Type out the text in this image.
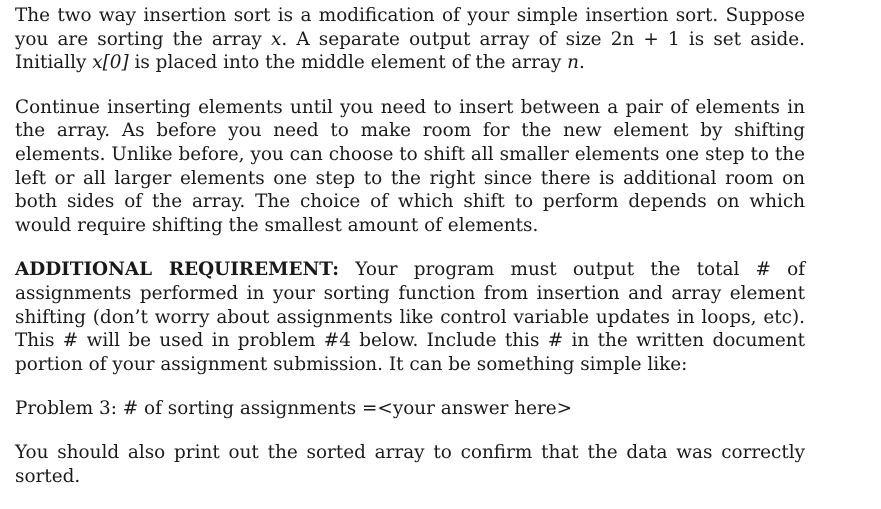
The two way insertion sort is a modification of your simple insertion sort. Suppose you are sorting the array x. A separate output array of size 2n + 1 is set aside. Initially x[0] is placed into the middle element of the array n.

Continue inserting elements until you need to insert between a pair of elements in the array. As before you need to make room for the new element by shifting elements. Unlike before, you can choose to shift all smaller elements one step to the left or all larger elements one step to the right since there is additional room on both sides of the array. The choice of which shift to perform depends on which would require shifting the smallest amount of elements.

ADDITIONAL REQUIREMENT: Your program must output the total # of assignments performed in your sorting function from insertion and array element shifting (don’t worry about assignments like control variable updates in loops, etc). This # will be used in problem #4 below. Include this # in the written document portion of your assignment submission. It can be something simple like:

Problem 3: # of sorting assignments =<your answer here>

You should also print out the sorted array to confirm that the data was correctly sorted.
